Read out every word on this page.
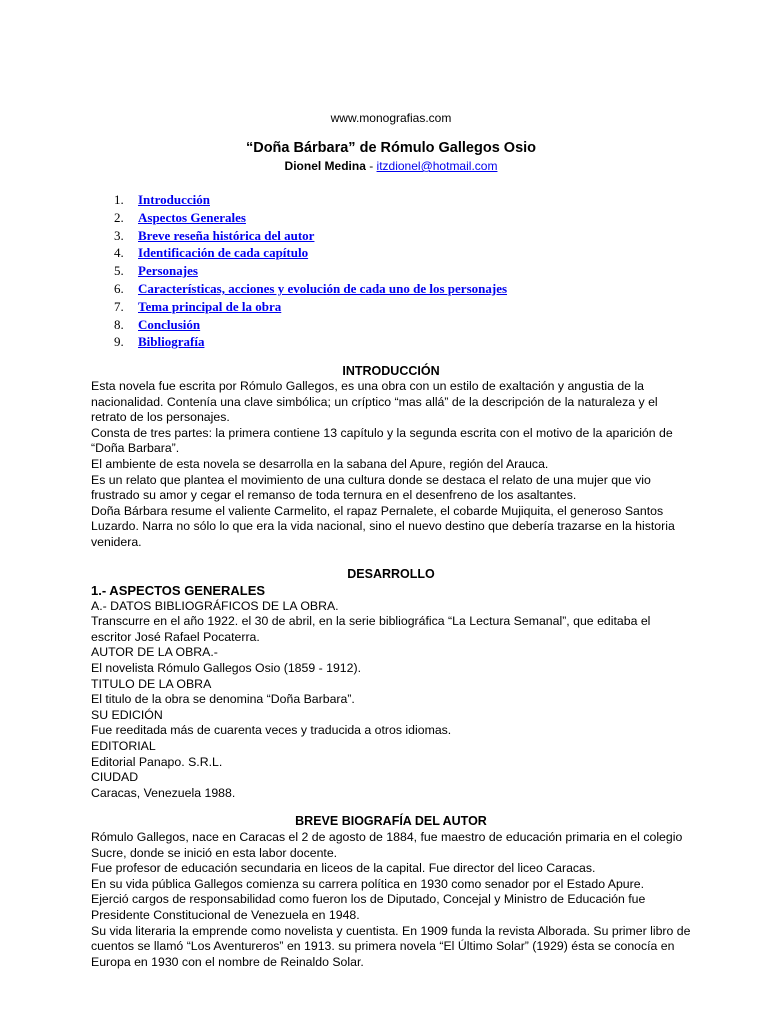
www.monografias.com
“Doña Bárbara” de Rómulo Gallegos Osio
Dionel Medina - itzdionel@hotmail.com
1. Introducción
2. Aspectos Generales
3. Breve reseña histórica del autor
4. Identificación de cada capítulo
5. Personajes
6. Características, acciones y evolución de cada uno de los personajes
7. Tema principal de la obra
8. Conclusión
9. Bibliografía
INTRODUCCIÓN

Esta novela fue escrita por Rómulo Gallegos, es una obra con un estilo de exaltación y angustia de la nacionalidad. Contenía una clave simbólica; un críptico “mas allá” de la descripción de la naturaleza y el retrato de los personajes.

Consta de tres partes: la primera contiene 13 capítulo y la segunda escrita con el motivo de la aparición de “Doña Barbara”.

El ambiente de esta novela se desarrolla en la sabana del Apure, región del Arauca.

Es un relato que plantea el movimiento de una cultura donde se destaca el relato de una mujer que vio frustrado su amor y cegar el remanso de toda ternura en el desenfreno de los asaltantes.

Doña Bárbara resume el valiente Carmelito, el rapaz Pernalete, el cobarde Mujiquita, el generoso Santos Luzardo. Narra no sólo lo que era la vida nacional, sino el nuevo destino que debería trazarse en la historia venidera.

DESARROLLO

1.- ASPECTOS GENERALES

A.- DATOS BIBLIOGRÁFICOS DE LA OBRA.

Transcurre en el año 1922. el 30 de abril, en la serie bibliográfica “La Lectura Semanal”, que editaba el escritor José Rafael Pocaterra.

AUTOR DE LA OBRA.-

El novelista Rómulo Gallegos Osio (1859 - 1912).

TITULO DE LA OBRA

El titulo de la obra se denomina “Doña Barbara”.

SU EDICIÓN

Fue reeditada más de cuarenta veces y traducida a otros idiomas.

EDITORIAL

Editorial Panapo. S.R.L.

CIUDAD

Caracas, Venezuela 1988.

BREVE BIOGRAFÍA DEL AUTOR

Rómulo Gallegos, nace en Caracas el 2 de agosto de 1884, fue maestro de educación primaria en el colegio Sucre, donde se inició en esta labor docente.

Fue profesor de educación secundaria en liceos de la capital. Fue director del liceo Caracas.

En su vida pública Gallegos comienza su carrera política en 1930 como senador por el Estado Apure.

Ejerció cargos de responsabilidad como fueron los de Diputado, Concejal y Ministro de Educación fue Presidente Constitucional de Venezuela en 1948.

Su vida literaria la emprende como novelista y cuentista. En 1909 funda la revista Alborada. Su primer libro de cuentos se llamó “Los Aventureros” en 1913. su primera novela “El Último Solar” (1929) ésta se conocía en Europa en 1930 con el nombre de Reinaldo Solar.
